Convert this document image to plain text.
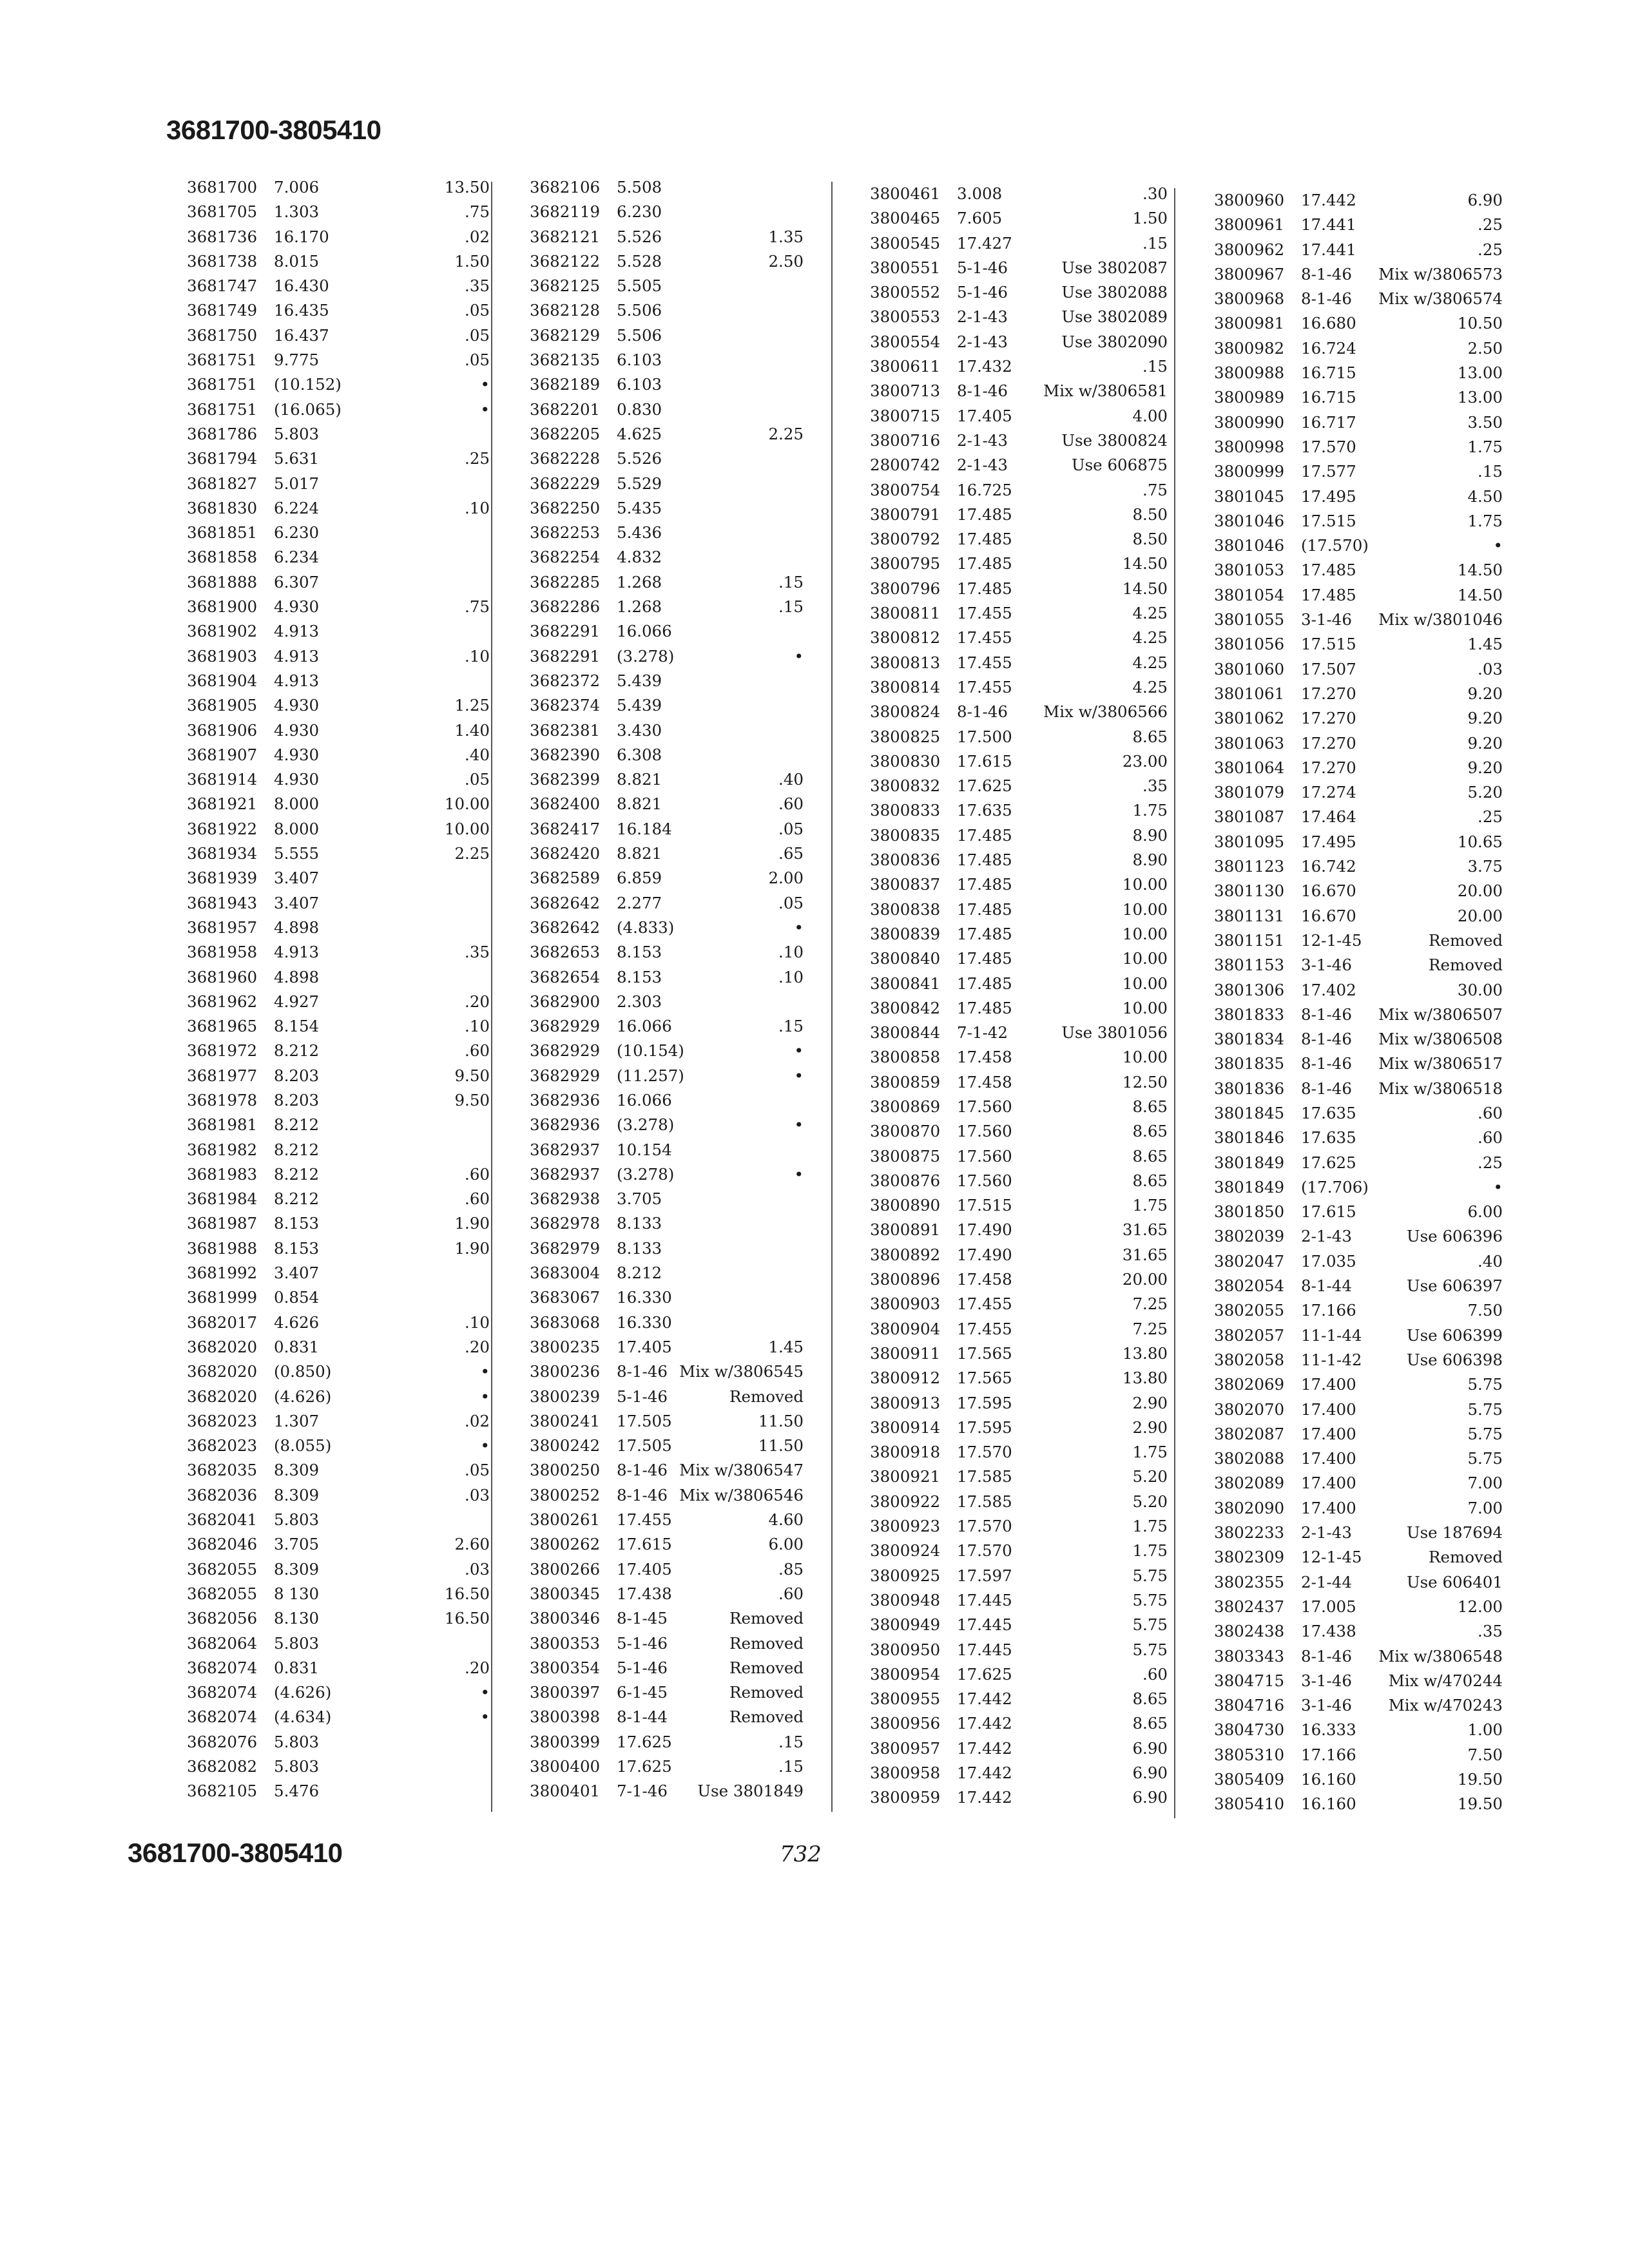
3681700-3805410
3681700 7.006	13.50
3681705 1.303	.75
3681736 16.170	.02
3681738 8.015	1.50
3681747 16.430	.35
3681749 16.435	.05
3681750 16.437	.05
3681751 9.775	.05
3681751 (10.152)	•
3681751 (16.065)	•
3681786 5.803
3681794 5.631	.25
3681827 5.017
3681830 6.224	.10
3681851 6.230
3681858 6.234
3681888 6.307
3681900 4.930	.75
3681902 4.913
3681903 4.913	.10
3681904 4.913
3681905 4.930	1.25
3681906 4.930	1.40
3681907 4.930	.40
3681914 4.930	.05
3681921 8.000	10.00
3681922 8.000	10.00
3681934 5.555	2.25
3681939 3.407
3681943 3.407
3681957 4.898
3681958 4.913	.35
3681960 4.898
3681962 4.927	.20
3681965 8.154	.10
3681972 8.212	.60
3681977 8.203	9.50
3681978 8.203	9.50
3681981 8.212
3681982 8.212
3681983 8.212	.60
3681984 8.212	.60
3681987 8.153	1.90
3681988 8.153	1.90
3681992 3.407
3681999 0.854
3682017 4.626	.10
3682020 0.831	.20
3682020 (0.850)	•
3682020 (4.626)	•
3682023 1.307	.02
3682023 (8.055)	•
3682035 8.309	.05
3682036 8.309	.03
3682041 5.803
3682046 3.705	2.60
3682055 8.309	.03
3682055 8 130	16.50
3682056 8.130	16.50
3682064 5.803
3682074 0.831	.20
3682074 (4.626)	•
3682074 (4.634)	•
3682076 5.803
3682082 5.803
3682105 5.476
3682106 5.508
3682119 6.230
3682121 5.526	1.35
3682122 5.528	2.50
3682125 5.505
3682128 5.506
3682129 5.506
3682135 6.103
3682189 6.103
3682201 0.830
3682205 4.625	2.25
3682228 5.526
3682229 5.529
3682250 5.435
3682253 5.436
3682254 4.832
3682285 1.268	.15
3682286 1.268	.15
3682291 16.066
3682291 (3.278)	•
3682372 5.439
3682374 5.439
3682381 3.430
3682390 6.308
3682399 8.821	.40
3682400 8.821	.60
3682417 16.184	.05
3682420 8.821	.65
3682589 6.859	2.00
3682642 2.277	.05
3682642 (4.833)	•
3682653 8.153	.10
3682654 8.153	.10
3682900 2.303
3682929 16.066	.15
3682929 (10.154)	•
3682929 (11.257)	•
3682936 16.066
3682936 (3.278)	•
3682937 10.154
3682937 (3.278)	•
3682938 3.705
3682978 8.133
3682979 8.133
3683004 8.212
3683067 16.330
3683068 16.330
3800235 17.405	1.45
3800236 8-1-46 Mix w/3806545
3800239 5-1-46	Removed
3800241 17.505	11.50
3800242 17.505	11.50
3800250 8-1-46 Mix w/3806547
3800252 8-1-46 Mix w/3806546
3800261 17.455	4.60
3800262 17.615	6.00
3800266 17.405	.85
3800345 17.438	.60
3800346 8-1-45	Removed
3800353 5-1-46	Removed
3800354 5-1-46	Removed
3800397 6-1-45	Removed
3800398 8-1-44	Removed
3800399 17.625	.15
3800400 17.625	.15
3800401 7-1-46 Use 3801849
3800461 3.008	.30
3800465 7.605	1.50
3800545 17.427	.15
3800551 5-1-46	Use 3802087
3800552 5-1-46	Use 3802088
3800553 2-1-43	Use 3802089
3800554 2-1-43	Use 3802090
3800611 17.432	.15
3800713 8-1-46 Mix w/3806581
3800715 17.405	4.00
3800716 2-1-43	Use 3800824
2800742 2-1-43	Use 606875
3800754 16.725	.75
3800791 17.485	8.50
3800792 17.485	8.50
3800795 17.485	14.50
3800796 17.485	14.50
3800811 17.455	4.25
3800812 17.455	4.25
3800813 17.455	4.25
3800814 17.455	4.25
3800824 8-1-46 Mix w/3806566
3800825 17.500	8.65
3800830 17.615	23.00
3800832 17.625	.35
3800833 17.635	1.75
3800835 17.485	8.90
3800836 17.485	8.90
3800837 17.485	10.00
3800838 17.485	10.00
3800839 17.485	10.00
3800840 17.485	10.00
3800841 17.485	10.00
3800842 17.485	10.00
3800844 7-1-42	Use 3801056
3800858 17.458	10.00
3800859 17.458	12.50
3800869 17.560	8.65
3800870 17.560	8.65
3800875 17.560	8.65
3800876 17.560	8.65
3800890 17.515	1.75
3800891 17.490	31.65
3800892 17.490	31.65
3800896 17.458	20.00
3800903 17.455	7.25
3800904 17.455	7.25
3800911 17.565	13.80
3800912 17.565	13.80
3800913 17.595	2.90
3800914 17.595	2.90
3800918 17.570	1.75
3800921 17.585	5.20
3800922 17.585	5.20
3800923 17.570	1.75
3800924 17.570	1.75
3800925 17.597	5.75
3800948 17.445	5.75
3800949 17.445	5.75
3800950 17.445	5.75
3800954 17.625	.60
3800955 17.442	8.65
3800956 17.442	8.65
3800957 17.442	6.90
3800958 17.442	6.90
3800959 17.442	6.90
3800960 17.442	6.90
3800961 17.441	.25
3800962 17.441	.25
3800967 8-1-46 Mix w/3806573
3800968 8-1-46 Mix w/3806574
3800981 16.680	10.50
3800982 16.724	2.50
3800988 16.715	13.00
3800989 16.715	13.00
3800990 16.717	3.50
3800998 17.570	1.75
3800999 17.577	.15
3801045 17.495	4.50
3801046 17.515	1.75
3801046 (17.570)	•
3801053 17.485	14.50
3801054 17.485	14.50
3801055 3-1-46 Mix w/3801046
3801056 17.515	1.45
3801060 17.507	.03
3801061 17.270	9.20
3801062 17.270	9.20
3801063 17.270	9.20
3801064 17.270	9.20
3801079 17.274	5.20
3801087 17.464	.25
3801095 17.495	10.65
3801123 16.742	3.75
3801130 16.670	20.00
3801131 16.670	20.00
3801151 12-1-45	Removed
3801153 3-1-46	Removed
3801306 17.402	30.00
3801833 8-1-46 Mix w/3806507
3801834 8-1-46 Mix w/3806508
3801835 8-1-46 Mix w/3806517
3801836 8-1-46 Mix w/3806518
3801845 17.635	.60
3801846 17.635	.60
3801849 17.625	.25
3801849 (17.706)	•
3801850 17.615	6.00
3802039 2-1-43	Use 606396
3802047 17.035	.40
3802054 8-1-44	Use 606397
3802055 17.166	7.50
3802057 11-1-44	Use 606399
3802058 11-1-42	Use 606398
3802069 17.400	5.75
3802070 17.400	5.75
3802087 17.400	5.75
3802088 17.400	5.75
3802089 17.400	7.00
3802090 17.400	7.00
3802233 2-1-43	Use 187694
3802309 12-1-45	Removed
3802355 2-1-44	Use 606401
3802437 17.005	12.00
3802438 17.438	.35
3803343 8-1-46 Mix w/3806548
3804715 3-1-46 Mix w/470244
3804716 3-1-46 Mix w/470243
3804730 16.333	1.00
3805310 17.166	7.50
3805409 16.160	19.50
3805410 16.160	19.50
3681700-3805410	732
